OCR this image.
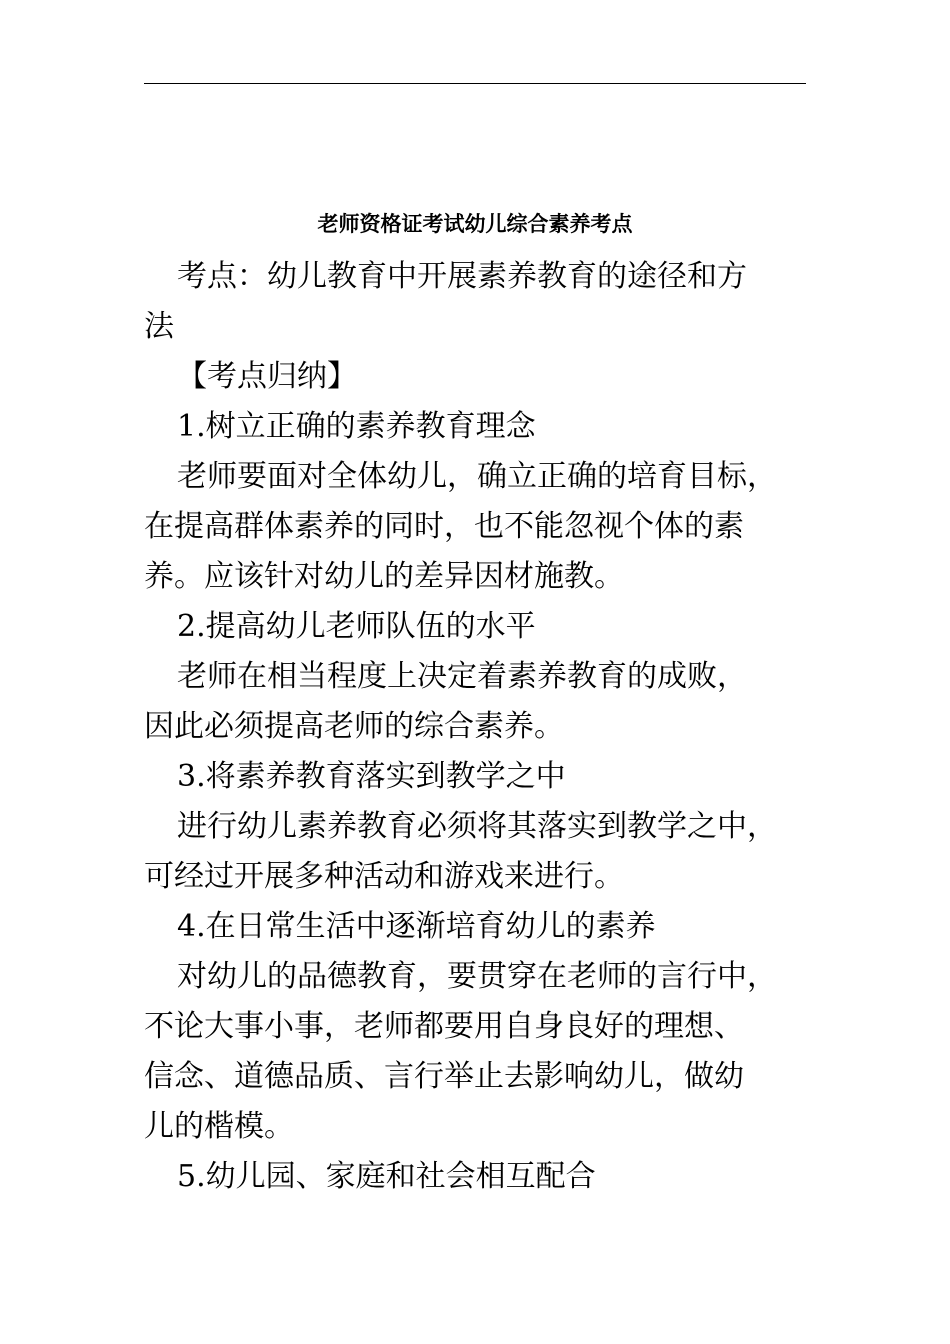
老师资格证考试幼儿综合素养考点
考点：幼儿教育中开展素养教育的途径和方
法
【考点归纳】
1.树立正确的素养教育理念
老师要面对全体幼儿，确立正确的培育目标，
在提高群体素养的同时，也不能忽视个体的素
养。应该针对幼儿的差异因材施教。
2.提高幼儿老师队伍的水平
老师在相当程度上决定着素养教育的成败，
因此必须提高老师的综合素养。
3.将素养教育落实到教学之中
进行幼儿素养教育必须将其落实到教学之中，
可经过开展多种活动和游戏来进行。
4.在日常生活中逐渐培育幼儿的素养
对幼儿的品德教育，要贯穿在老师的言行中，
不论大事小事，老师都要用自身良好的理想、
信念、道德品质、言行举止去影响幼儿，做幼
儿的楷模。
5.幼儿园、家庭和社会相互配合
